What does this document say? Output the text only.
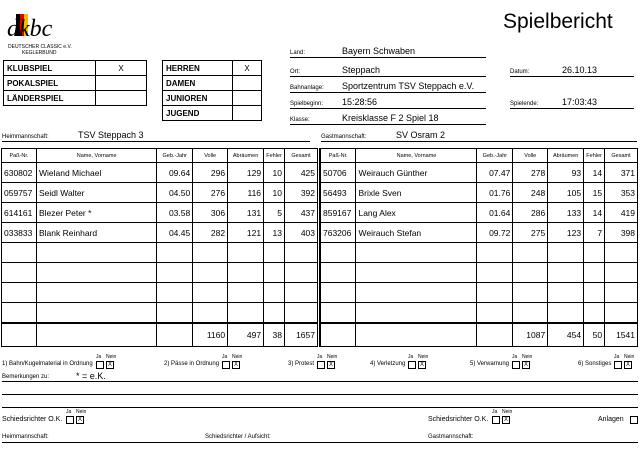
dkbc
DEUTSCHER CLASSIC e.V.
KEGLERBUND
Spielbericht
KLUBSPIEL	X
POKALSPIEL	
LÄNDERSPIEL	
HERREN	X
DAMEN	
JUNIOREN	
JUGEND	
Land:	Bayern Schwaben
Ort:	Steppach	Datum:	26.10.13
Bahnanlage: Sportzentrum TSV Steppach e.V.
Spielbeginn: 15:28:56	Spielende:	17:03:43
Klasse:	Kreisklasse F 2 Spiel 18
Heimmannschaft:	TSV Steppach 3	Gastmannschaft:	SV Osram 2
Paß-Nr.	Name, Vorname	Geb.-Jahr	Volle	Abräumen	Fehler	Gesamt
630802	Wieland Michael	09.64	296	129	10	425
059757	Seidl Walter	04.50	276	116	10	392
614161	Blezer Peter *	03.58	306	131	5	437
033833	Blank Reinhard	04.45	282	121	13	403

			1160	497	38	1657
Paß-Nr.	Name, Vorname	Geb.-Jahr	Volle	Abräumen	Fehler	Gesamt
50706	Weirauch Günther	07.47	278	93	14	371
56493	Brixle Sven	01.76	248	105	15	353
859167	Lang Alex	01.64	286	133	14	419
763206	Weirauch Stefan	09.72	275	123	7	398

			1087	454	50	1541
1) Bahn/Kugelmaterial in Ordnung	2) Pässe in Ordnung	3) Protest	4) Verletzung	5) Verwarnung	6) Sonstiges
Ja Nein
X
Ja Nein
X
Ja Nein
X
Ja Nein
X
Ja Nein
X
Ja Nein
X
Bemerkungen zu:	* = e.K.
Schiedsrichter O.K.
Ja Nein
X	Schiedsrichter O.K.
Ja Nein
X	Anlagen
Heimmannschaft:	Schiedsrichter / Aufsicht:	Gastmannschaft:
